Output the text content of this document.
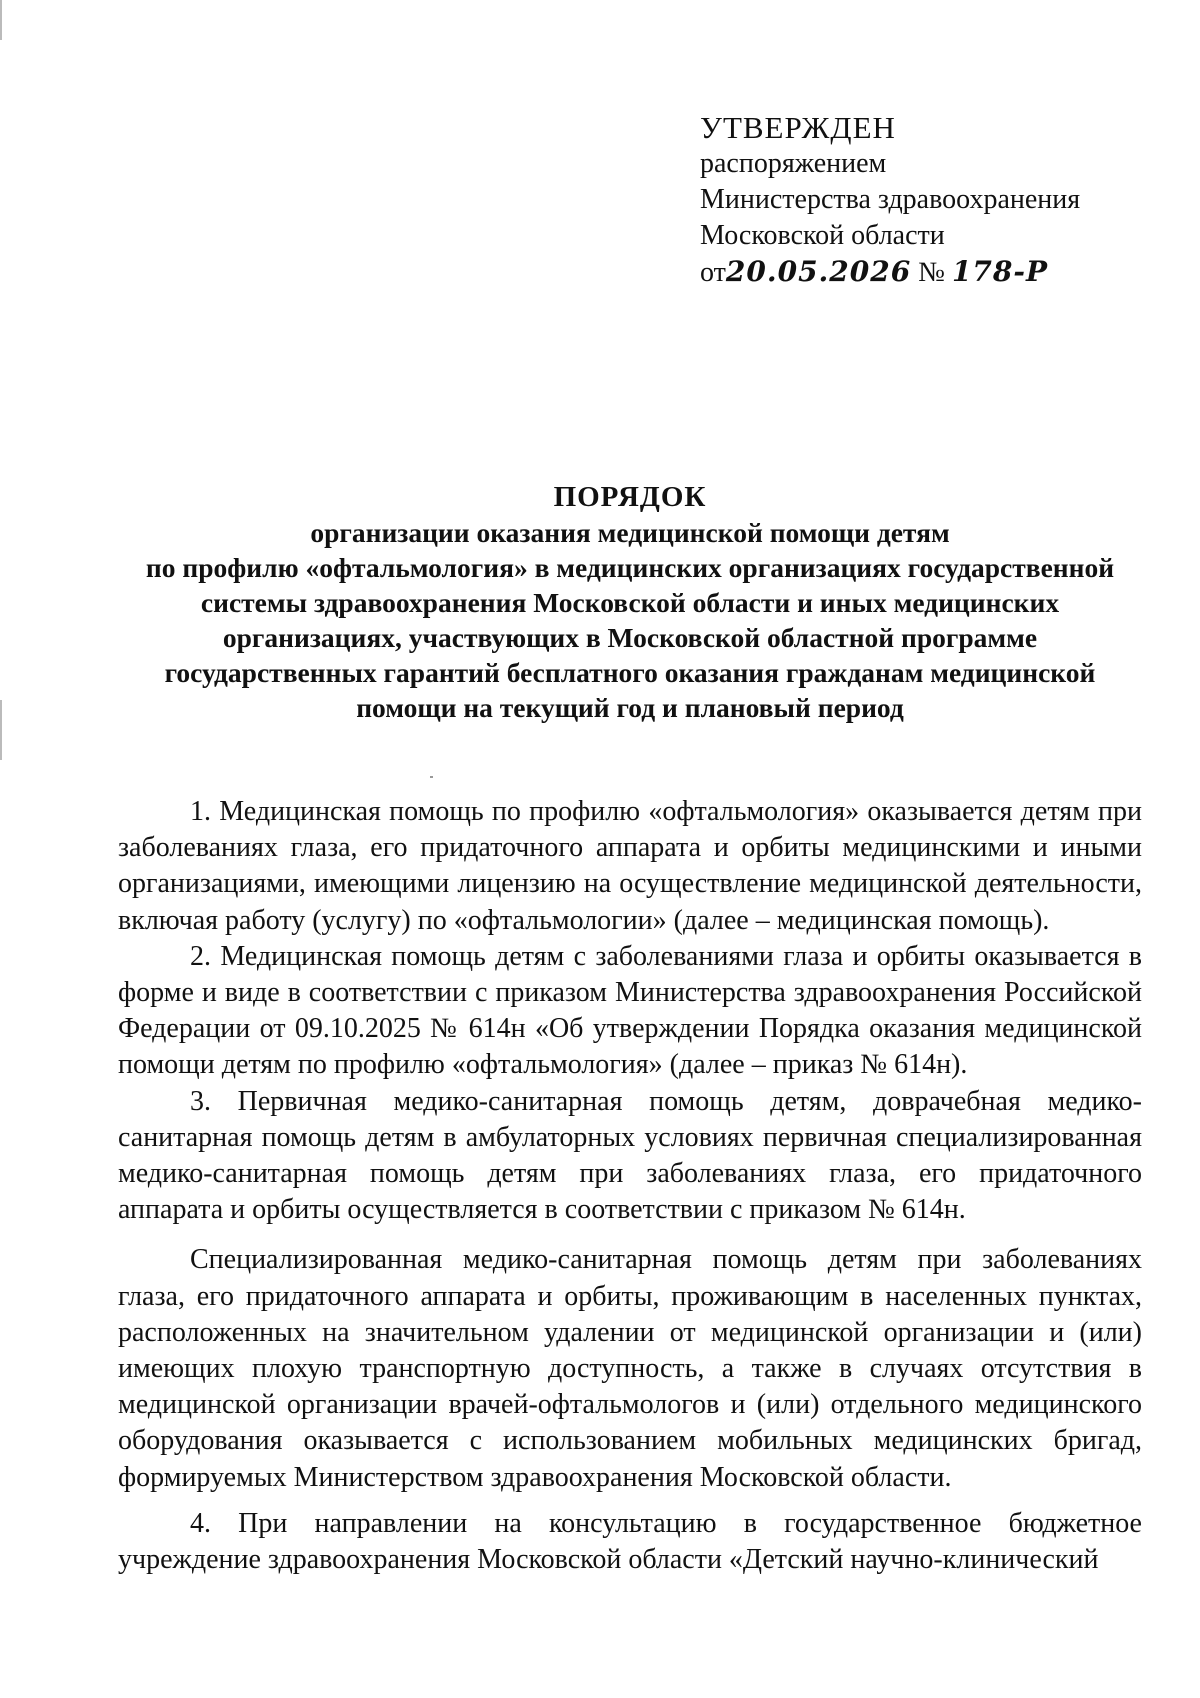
УТВЕРЖДЕН
распоряжением
Министерства здравоохранения
Московской области
от20.05.2026 № 178-Р
ПОРЯДОК
организации оказания медицинской помощи детям
по профилю «офтальмология» в медицинских организациях государственной
системы здравоохранения Московской области и иных медицинских
организациях, участвующих в Московской областной программе
государственных гарантий бесплатного оказания гражданам медицинской
помощи на текущий год и плановый период

1. Медицинская помощь по профилю «офтальмология» оказывается детям при заболеваниях глаза, его придаточного аппарата и орбиты медицинскими и иными организациями, имеющими лицензию на осуществление медицинской деятельности, включая работу (услугу) по «офтальмологии» (далее – медицинская помощь).

2. Медицинская помощь детям с заболеваниями глаза и орбиты оказывается в форме и виде в соответствии с приказом Министерства здравоохранения Российской Федерации от 09.10.2025 № 614н «Об утверждении Порядка оказания медицинской помощи детям по профилю «офтальмология» (далее – приказ № 614н).

3. Первичная медико-санитарная помощь детям, доврачебная медико-санитарная помощь детям в амбулаторных условиях первичная специализированная медико-санитарная помощь детям при заболеваниях глаза, его придаточного аппарата и орбиты осуществляется в соответствии с приказом № 614н.

Специализированная медико-санитарная помощь детям при заболеваниях глаза, его придаточного аппарата и орбиты, проживающим в населенных пунктах, расположенных на значительном удалении от медицинской организации и (или) имеющих плохую транспортную доступность, а также в случаях отсутствия в медицинской организации врачей-офтальмологов и (или) отдельного медицинского оборудования оказывается с использованием мобильных медицинских бригад, формируемых Министерством здравоохранения Московской области.

4. При направлении на консультацию в государственное бюджетное учреждение здравоохранения Московской области «Детский научно-клинический
